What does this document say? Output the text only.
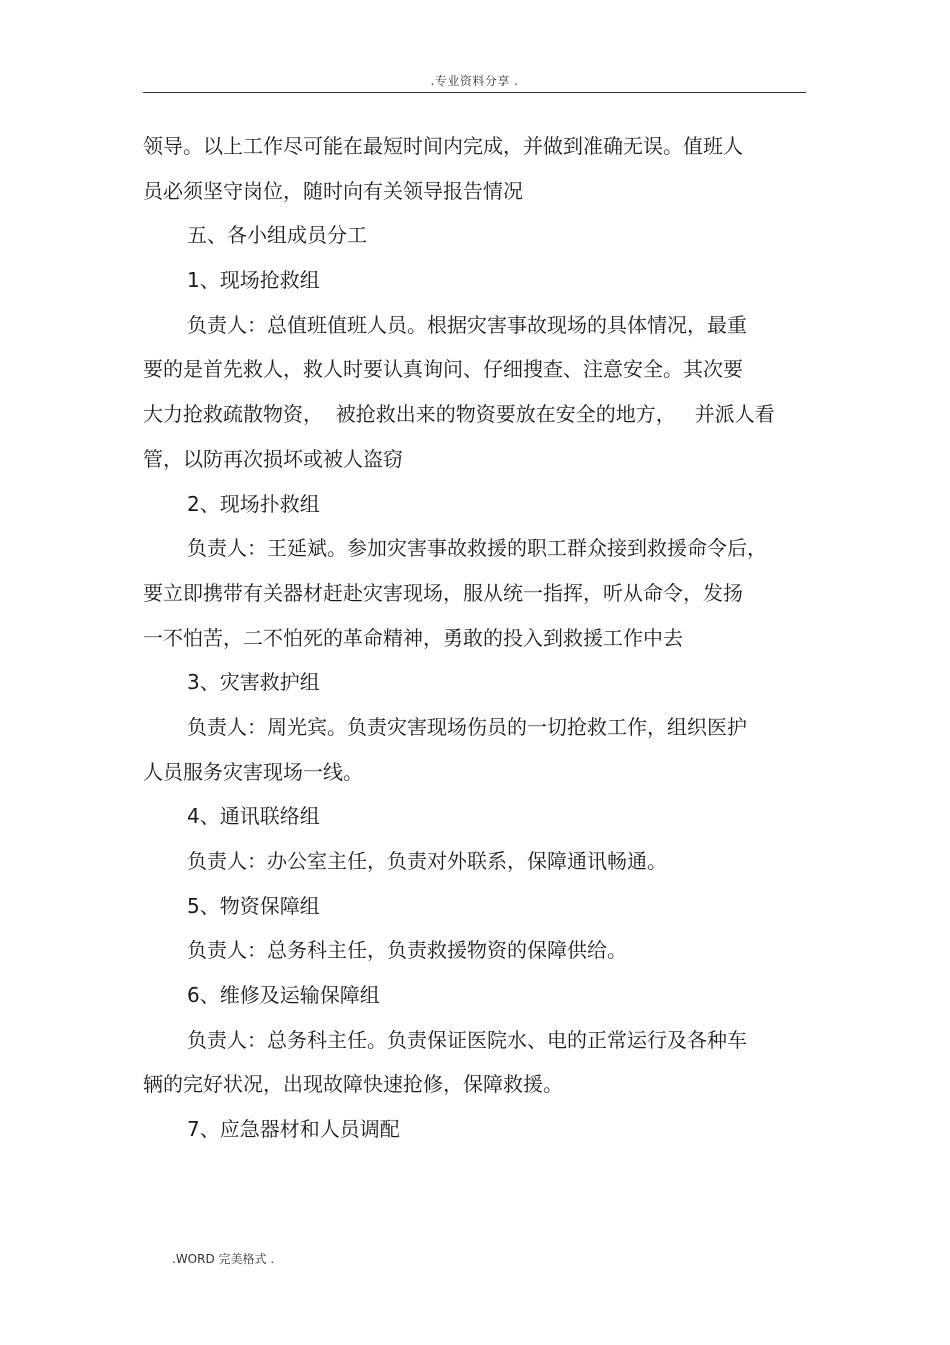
.专业资料分享 .
领导。以上工作尽可能在最短时间内完成，并做到准确无误。值班人
员必须坚守岗位，随时向有关领导报告情况
五、各小组成员分工
1、现场抢救组
负责人：总值班值班人员。根据灾害事故现场的具体情况，最重
要的是首先救人，救人时要认真询问、仔细搜查、注意安全。其次要
大力抢救疏散物资，  被抢救出来的物资要放在安全的地方，   并派人看
管，以防再次损坏或被人盗窃
2、现场扑救组
负责人：王延斌。参加灾害事故救援的职工群众接到救援命令后，
要立即携带有关器材赶赴灾害现场，服从统一指挥，听从命令，发扬
一不怕苦，二不怕死的革命精神，勇敢的投入到救援工作中去
3、灾害救护组
负责人：周光宾。负责灾害现场伤员的一切抢救工作，组织医护
人员服务灾害现场一线。
4、通讯联络组
负责人：办公室主任，负责对外联系，保障通讯畅通。
5、物资保障组
负责人：总务科主任，负责救援物资的保障供给。
6、维修及运输保障组
负责人：总务科主任。负责保证医院水、电的正常运行及各种车
辆的完好状况，出现故障快速抢修，保障救援。
7、应急器材和人员调配
.WORD 完美格式 .
